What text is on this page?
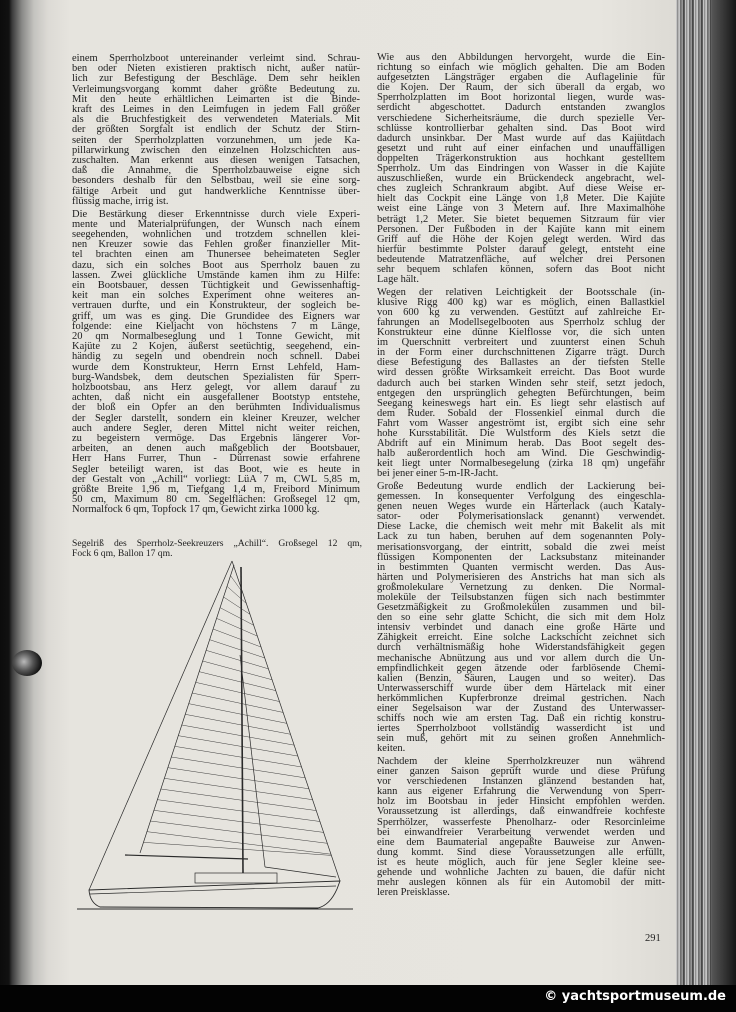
einem Sperrholzboot untereinander verleimt sind. Schrau-
ben oder Nieten existieren praktisch nicht, außer natür-
lich zur Befestigung der Beschläge. Dem sehr heiklen
Verleimungsvorgang kommt daher größte Bedeutung zu.
Mit den heute erhältlichen Leimarten ist die Binde-
kraft des Leimes in den Leimfugen in jedem Fall größer
als die Bruchfestigkeit des verwendeten Materials. Mit
der größten Sorgfalt ist endlich der Schutz der Stirn-
seiten der Sperrholzplatten vorzunehmen, um jede Ka-
pillarwirkung zwischen den einzelnen Holzschichten aus-
zuschalten. Man erkennt aus diesen wenigen Tatsachen,
daß die Annahme, die Sperrholzbauweise eigne sich
besonders deshalb für den Selbstbau, weil sie eine sorg-
fältige Arbeit und gut handwerkliche Kenntnisse über-
flüssig mache, irrig ist.
Die Bestärkung dieser Erkenntnisse durch viele Experi-
mente und Materialprüfungen, der Wunsch nach einem
seegehenden, wohnlichen und trotzdem schnellen klei-
nen Kreuzer sowie das Fehlen großer finanzieller Mit-
tel brachten einen am Thunersee beheimateten Segler
dazu, sich ein solches Boot aus Sperrholz bauen zu
lassen. Zwei glückliche Umstände kamen ihm zu Hilfe:
ein Bootsbauer, dessen Tüchtigkeit und Gewissenhaftig-
keit man ein solches Experiment ohne weiteres an-
vertrauen durfte, und ein Konstrukteur, der sogleich be-
griff, um was es ging. Die Grundidee des Eigners war
folgende: eine Kieljacht von höchstens 7 m Länge,
20 qm Normalbeseglung und 1 Tonne Gewicht, mit
Kajüte zu 2 Kojen, äußerst seetüchtig, seegehend, ein-
händig zu segeln und obendrein noch schnell. Dabei
wurde dem Konstrukteur, Herrn Ernst Lehfeld, Ham-
burg-Wandsbek, dem deutschen Spezialisten für Sperr-
holzbootsbau, ans Herz gelegt, vor allem darauf zu
achten, daß nicht ein ausgefallener Bootstyp entstehe,
der bloß ein Opfer an den berühmten Individualismus
der Segler darstellt, sondern ein kleiner Kreuzer, welcher
auch andere Segler, deren Mittel nicht weiter reichen,
zu begeistern vermöge. Das Ergebnis längerer Vor-
arbeiten, an denen auch maßgeblich der Bootsbauer,
Herr Hans Furrer, Thun - Dürrenast sowie erfahrene
Segler beteiligt waren, ist das Boot, wie es heute in
der Gestalt von „Achill“ vorliegt: LüA 7 m, CWL 5,85 m,
größte Breite 1,96 m, Tiefgang 1,4 m, Freibord Minimum
50 cm, Maximum 80 cm. Segelflächen: Großsegel 12 qm,
Normalfock 6 qm, Topfock 17 qm, Gewicht zirka 1000 kg.
Segelriß des Sperrholz-Seekreuzers „Achill“. Großsegel 12 qm,
Fock 6 qm, Ballon 17 qm.
Wie aus den Abbildungen hervorgeht, wurde die Ein-
richtung so einfach wie möglich gehalten. Die am Boden
aufgesetzten Längsträger ergaben die Auflagelinie für
die Kojen. Der Raum, der sich überall da ergab, wo
Sperrholzplatten im Boot horizontal liegen, wurde was-
serdicht abgeschottet. Dadurch entstanden zwanglos
verschiedene Sicherheitsräume, die durch spezielle Ver-
schlüsse kontrollierbar gehalten sind. Das Boot wird
dadurch unsinkbar. Der Mast wurde auf das Kajütdach
gesetzt und ruht auf einer einfachen und unauffälligen
doppelten Trägerkonstruktion aus hochkant gestelltem
Sperrholz. Um das Eindringen von Wasser in die Kajüte
auszuschließen, wurde ein Brückendeck angebracht, wel-
ches zugleich Schrankraum abgibt. Auf diese Weise er-
hielt das Cockpit eine Länge von 1,8 Meter. Die Kajüte
weist eine Länge von 3 Metern auf. Ihre Maximalhöhe
beträgt 1,2 Meter. Sie bietet bequemen Sitzraum für vier
Personen. Der Fußboden in der Kajüte kann mit einem
Griff auf die Höhe der Kojen gelegt werden. Wird das
hierfür bestimmte Polster darauf gelegt, entsteht eine
bedeutende Matratzenfläche, auf welcher drei Personen
sehr bequem schlafen können, sofern das Boot nicht
Lage hält.
Wegen der relativen Leichtigkeit der Bootsschale (in-
klusive Rigg 400 kg) war es möglich, einen Ballastkiel
von 600 kg zu verwenden. Gestützt auf zahlreiche Er-
fahrungen an Modellsegelbooten aus Sperrholz schlug der
Konstrukteur eine dünne Kielflosse vor, die sich unten
im Querschnitt verbreitert und zuunterst einen Schuh
in der Form einer durchschnittenen Zigarre trägt. Durch
diese Befestigung des Ballastes an der tiefsten Stelle
wird dessen größte Wirksamkeit erreicht. Das Boot wurde
dadurch auch bei starken Winden sehr steif, setzt jedoch,
entgegen den ursprünglich gehegten Befürchtungen, beim
Seegang keineswegs hart ein. Es liegt sehr elastisch auf
dem Ruder. Sobald der Flossenkiel einmal durch die
Fahrt vom Wasser angeströmt ist, ergibt sich eine sehr
hohe Kursstabilität. Die Wulstform des Kiels setzt die
Abdrift auf ein Minimum herab. Das Boot segelt des-
halb außerordentlich hoch am Wind. Die Geschwindig-
keit liegt unter Normalbesegelung (zirka 18 qm) ungefähr
bei jener einer 5-m-IR-Jacht.
Große Bedeutung wurde endlich der Lackierung bei-
gemessen. In konsequenter Verfolgung des eingeschla-
genen neuen Weges wurde ein Härterlack (auch Kataly-
sator- oder Polymerisationslack genannt) verwendet.
Diese Lacke, die chemisch weit mehr mit Bakelit als mit
Lack zu tun haben, beruhen auf dem sogenannten Poly-
merisationsvorgang, der eintritt, sobald die zwei meist
flüssigen Komponenten der Lacksubstanz miteinander
in bestimmten Quanten vermischt werden. Das Aus-
härten und Polymerisieren des Anstrichs hat man sich als
großmolekulare Vernetzung zu denken. Die Normal-
moleküle der Teilsubstanzen fügen sich nach bestimmter
Gesetzmäßigkeit zu Großmolekülen zusammen und bil-
den so eine sehr glatte Schicht, die sich mit dem Holz
intensiv verbindet und danach eine große Härte und
Zähigkeit erreicht. Eine solche Lackschicht zeichnet sich
durch verhältnismäßig hohe Widerstandsfähigkeit gegen
mechanische Abnützung aus und vor allem durch die Un-
empfindlichkeit gegen ätzende oder farblösende Chemi-
kalien (Benzin, Säuren, Laugen und so weiter). Das
Unterwasserschiff wurde über dem Härtelack mit einer
herkömmlichen Kupferbronze dreimal gestrichen. Nach
einer Segelsaison war der Zustand des Unterwasser-
schiffs noch wie am ersten Tag. Daß ein richtig konstru-
iertes Sperrholzboot vollständig wasserdicht ist und
sein muß, gehört mit zu seinen großen Annehmlich-
keiten.
Nachdem der kleine Sperrholzkreuzer nun während
einer ganzen Saison geprüft wurde und diese Prüfung
vor verschiedenen Instanzen glänzend bestanden hat,
kann aus eigener Erfahrung die Verwendung von Sperr-
holz im Bootsbau in jeder Hinsicht empfohlen werden.
Voraussetzung ist allerdings, daß einwandfreie kochfeste
Sperrhölzer, wasserfeste Phenolharz- oder Resorcinleime
bei einwandfreier Verarbeitung verwendet werden und
eine dem Baumaterial angepaßte Bauweise zur Anwen-
dung kommt. Sind diese Voraussetzungen alle erfüllt,
ist es heute möglich, auch für jene Segler kleine see-
gehende und wohnliche Jachten zu bauen, die dafür nicht
mehr auslegen können als für ein Automobil der mitt-
leren Preisklasse.
291
© yachtsportmuseum.de
